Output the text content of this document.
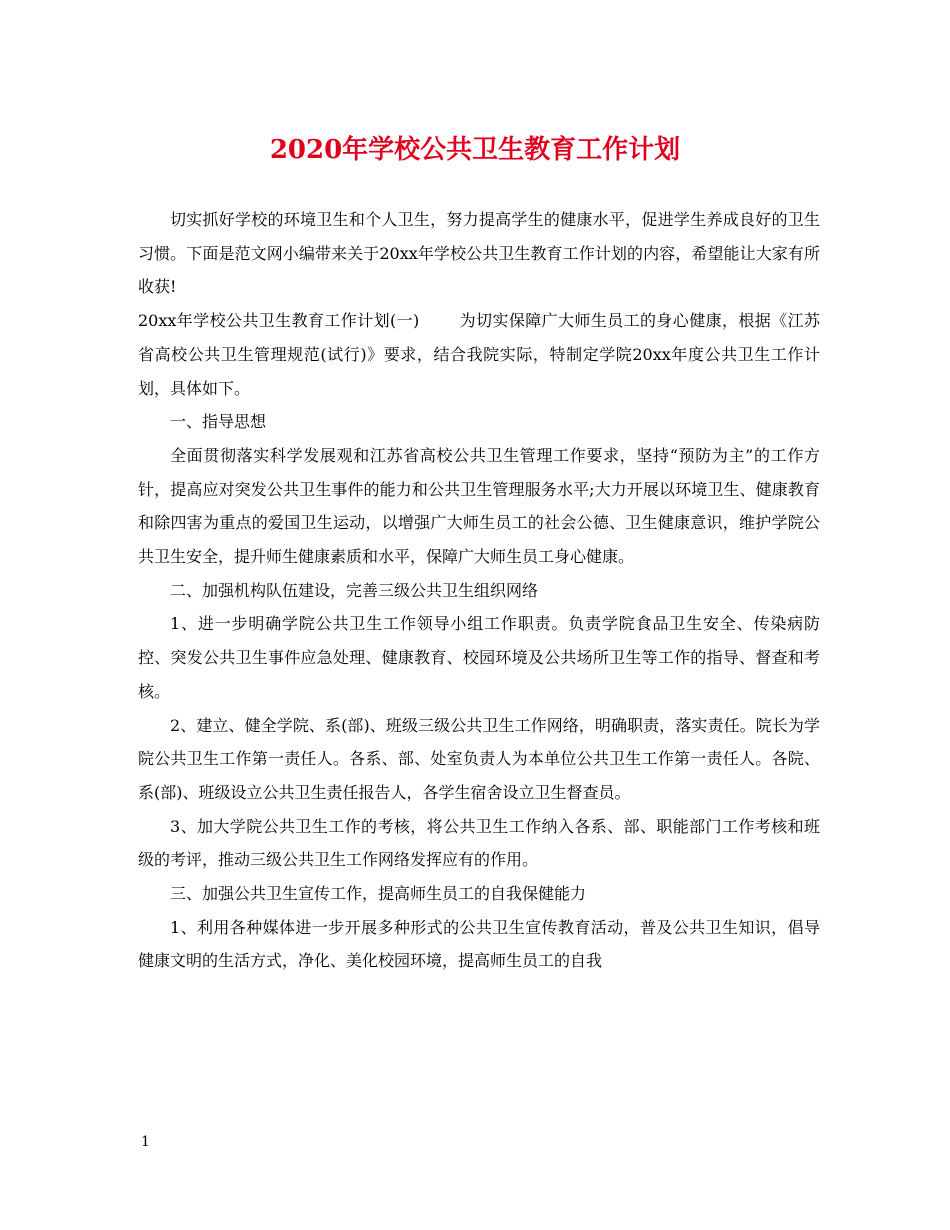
2020年学校公共卫生教育工作计划

切实抓好学校的环境卫生和个人卫生，努力提高学生的健康水平，促进学生养成良好的卫生习惯。下面是范文网小编带来关于20xx年学校公共卫生教育工作计划的内容，希望能让大家有所收获!

20xx年学校公共卫生教育工作计划(一)	为切实保障广大师生员工的身心健康，根据《江苏省高校公共卫生管理规范(试行)》要求，结合我院实际，特制定学院20xx年度公共卫生工作计划，具体如下。

一、指导思想

全面贯彻落实科学发展观和江苏省高校公共卫生管理工作要求，坚持“预防为主”的工作方针，提高应对突发公共卫生事件的能力和公共卫生管理服务水平;大力开展以环境卫生、健康教育和除四害为重点的爱国卫生运动，以增强广大师生员工的社会公德、卫生健康意识，维护学院公共卫生安全，提升师生健康素质和水平，保障广大师生员工身心健康。

二、加强机构队伍建设，完善三级公共卫生组织网络

1、进一步明确学院公共卫生工作领导小组工作职责。负责学院食品卫生安全、传染病防控、突发公共卫生事件应急处理、健康教育、校园环境及公共场所卫生等工作的指导、督查和考核。

2、建立、健全学院、系(部)、班级三级公共卫生工作网络，明确职责，落实责任。院长为学院公共卫生工作第一责任人。各系、部、处室负责人为本单位公共卫生工作第一责任人。各院、系(部)、班级设立公共卫生责任报告人，各学生宿舍设立卫生督查员。

3、加大学院公共卫生工作的考核，将公共卫生工作纳入各系、部、职能部门工作考核和班级的考评，推动三级公共卫生工作网络发挥应有的作用。

三、加强公共卫生宣传工作，提高师生员工的自我保健能力

1、利用各种媒体进一步开展多种形式的公共卫生宣传教育活动，普及公共卫生知识，倡导健康文明的生活方式，净化、美化校园环境，提高师生员工的自我

1
